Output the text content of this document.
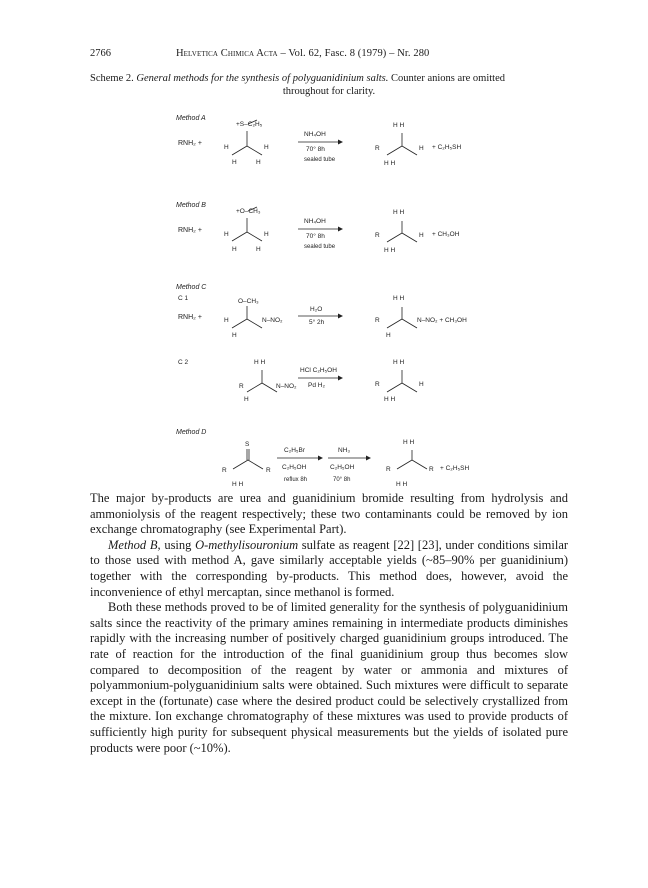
2766	Helvetica Chimica Acta – Vol. 62, Fasc. 8 (1979) – Nr. 280
Scheme 2. General methods for the synthesis of polyguanidinium salts. Counter anions are omitted
throughout for clarity.
Method A
RNH₂ +
+S–C₂H₅
H	H
H	H
NH₄OH
70° 8h
sealed tube
H H
R	H
H H
+ C₂H₅SH
Method B
RNH₂ +
+O–CH₃
H	H
H	H
NH₄OH
70° 8h
sealed tube
H H
R	H
H H
+ CH₃OH
Method C
C 1
RNH₂ +
O–CH₃
H	N–NO₂
H
H₂O
5° 2h
H H
R
H
N–NO₂ + CH₃OH
C 2	H H
R	N–NO₂
H
HCl C₂H₅OH
Pd H₂
H H
R	H
H H
Method D
S
R	R
H H
C₂H₅Br
C₂H₅OH
reflux 8h
NH₃
C₂H₅OH
70° 8h
H H
R	R
H H
+ C₂H₅SH

The major by-products are urea and guanidinium bromide resulting from hydrolysis and ammoniolysis of the reagent respectively; these two contaminants could be removed by ion exchange chromatography (see Experimental Part).

Method B, using O-methylisouronium sulfate as reagent [22] [23], under conditions similar to those used with method A, gave similarly acceptable yields (~85–90% per guanidinium) together with the corresponding by-products. This method does, however, avoid the inconvenience of ethyl mercaptan, since methanol is formed.

Both these methods proved to be of limited generality for the synthesis of polyguanidinium salts since the reactivity of the primary amines remaining in intermediate products diminishes rapidly with the increasing number of positively charged guanidinium groups introduced. The rate of reaction for the introduction of the final guanidinium group thus becomes slow compared to decomposition of the reagent by water or ammonia and mixtures of polyammonium-polyguanidinium salts were obtained. Such mixtures were difficult to separate except in the (fortunate) case where the desired product could be selectively crystallized from the mixture. Ion exchange chromatography of these mixtures was used to provide products of sufficiently high purity for subsequent physical measurements but the yields of isolated pure products were poor (~10%).
